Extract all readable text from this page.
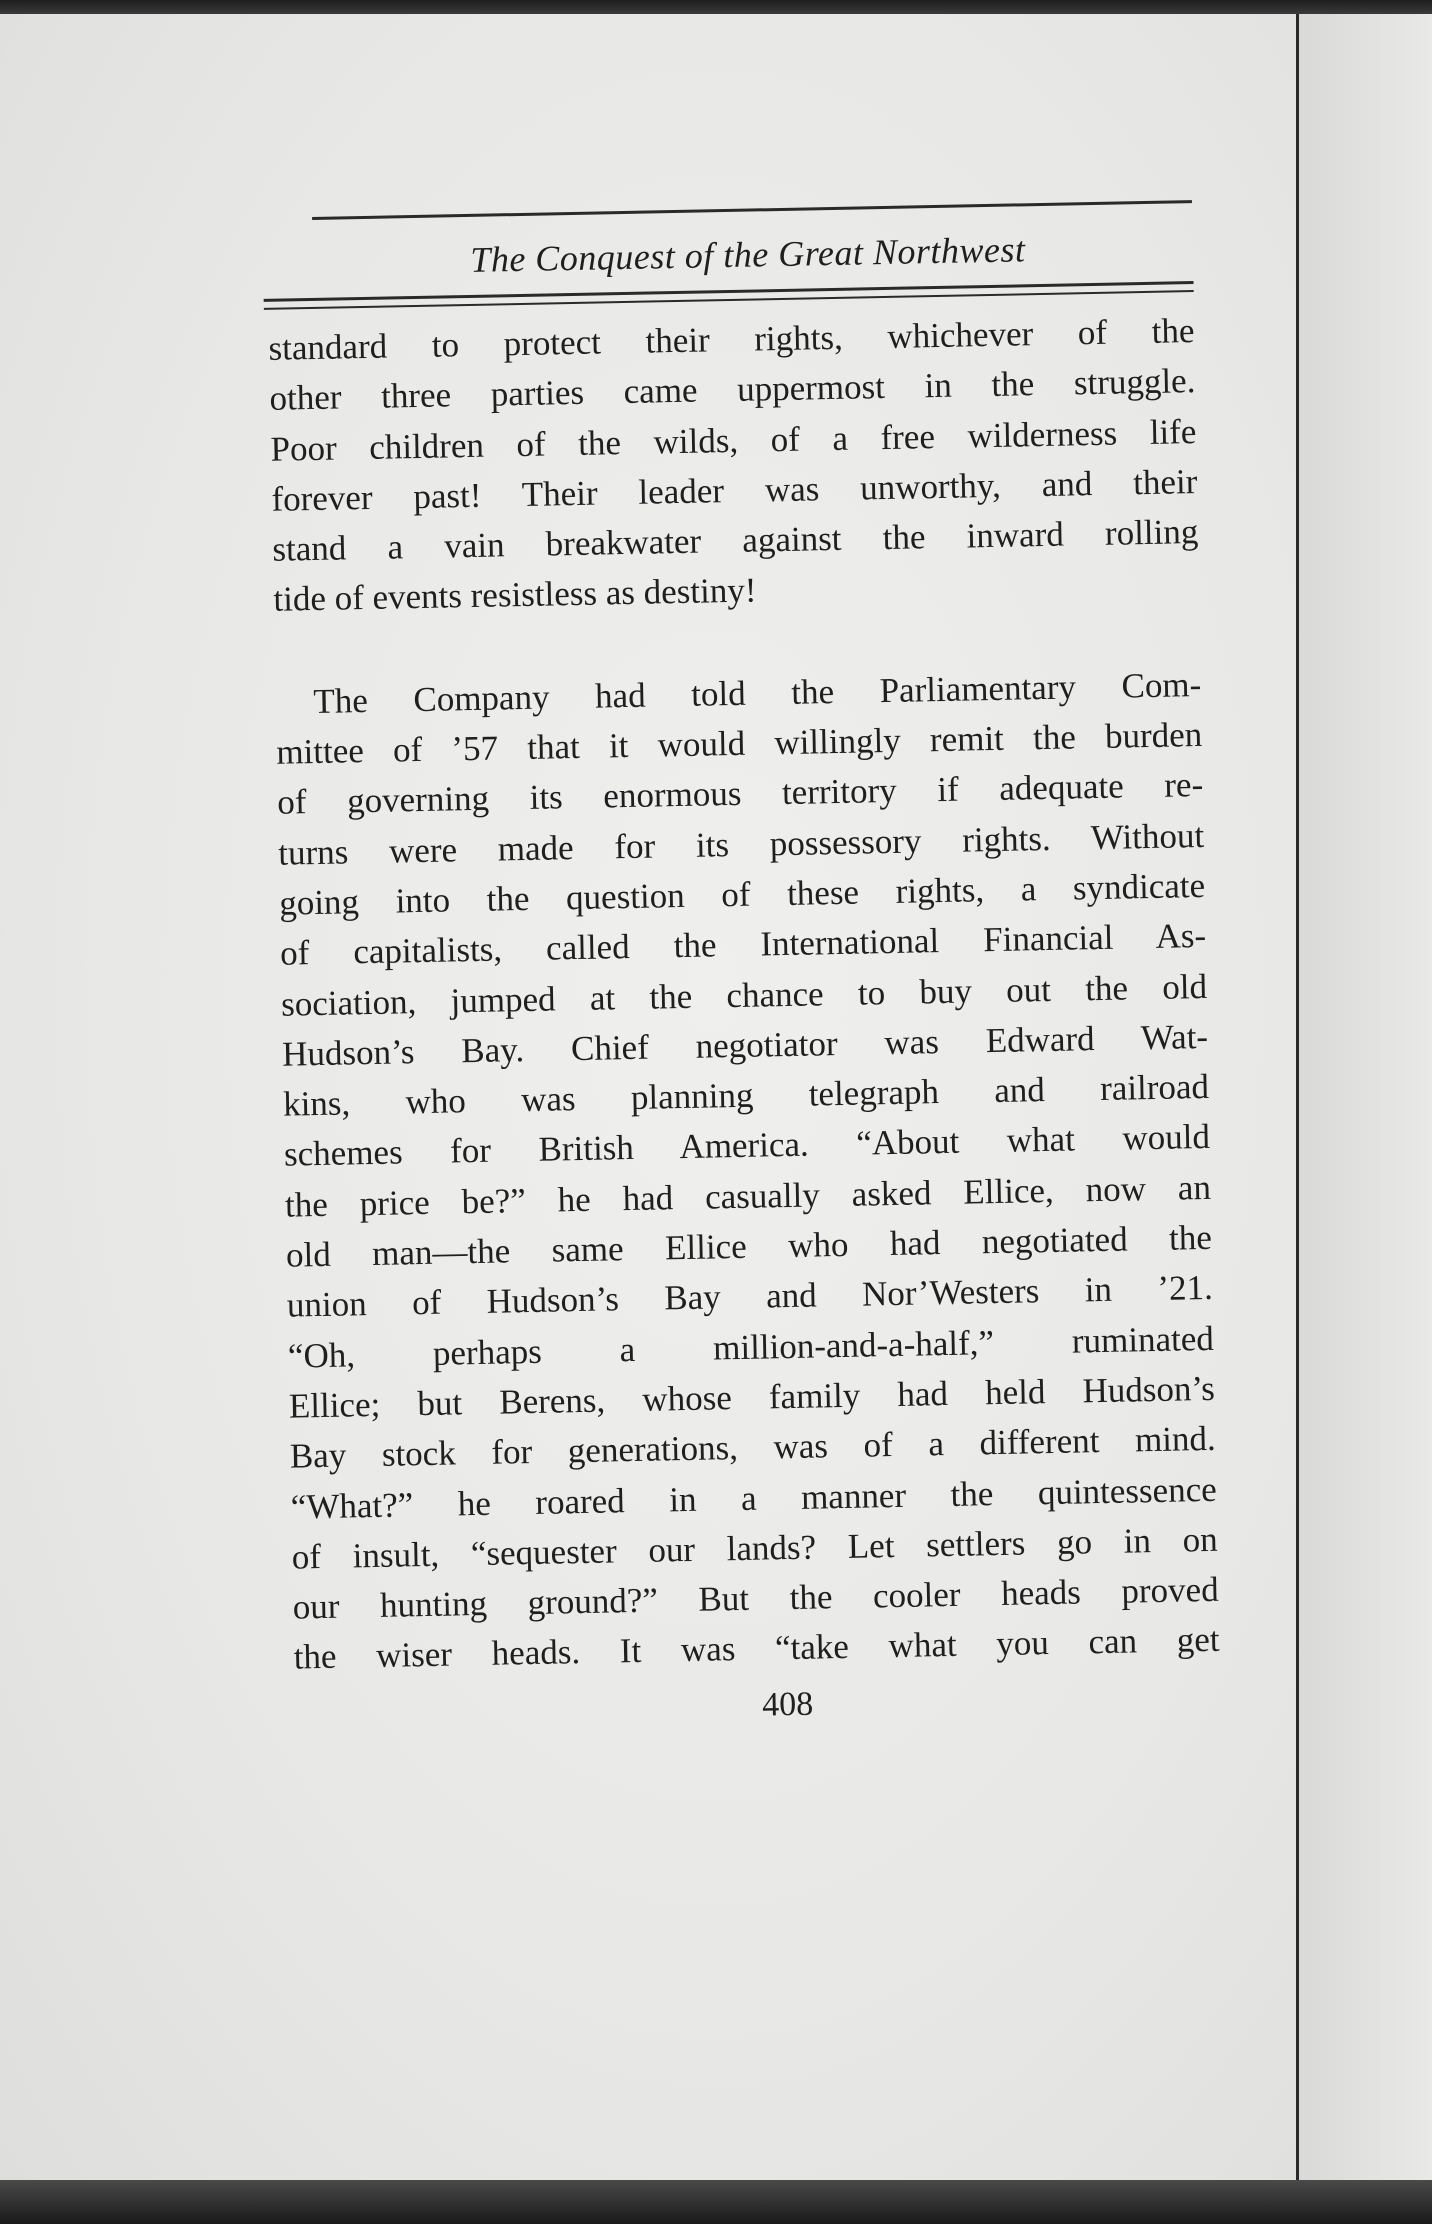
The Conquest of the Great Northwest
standard to protect their rights, whichever of the
other three parties came uppermost in the struggle.
Poor children of the wilds, of a free wilderness life
forever past! Their leader was unworthy, and their
stand a vain breakwater against the inward rolling
tide of events resistless as destiny!
The Company had told the Parliamentary Com-
mittee of ’57 that it would willingly remit the burden
of governing its enormous territory if adequate re-
turns were made for its possessory rights. Without
going into the question of these rights, a syndicate
of capitalists, called the International Financial As-
sociation, jumped at the chance to buy out the old
Hudson’s Bay. Chief negotiator was Edward Wat-
kins, who was planning telegraph and railroad
schemes for British America. “About what would
the price be?” he had casually asked Ellice, now an
old man—the same Ellice who had negotiated the
union of Hudson’s Bay and Nor’Westers in ’21.
“Oh, perhaps a million-and-a-half,” ruminated
Ellice; but Berens, whose family had held Hudson’s
Bay stock for generations, was of a different mind.
“What?” he roared in a manner the quintessence
of insult, “sequester our lands? Let settlers go in on
our hunting ground?” But the cooler heads proved
the wiser heads. It was “take what you can get
408
